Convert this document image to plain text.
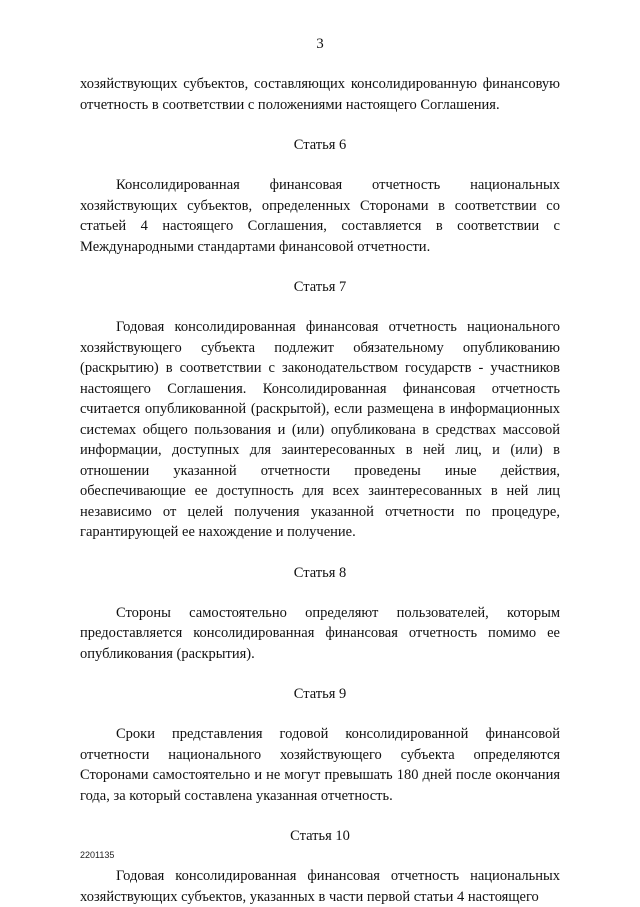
3

хозяйствующих субъектов, составляющих консолидированную финансовую отчетность в соответствии с положениями настоящего Соглашения.

Статья 6

Консолидированная финансовая отчетность национальных хозяйствующих субъектов, определенных Сторонами в соответствии со статьей 4 настоящего Соглашения, составляется в соответствии с Международными стандартами финансовой отчетности.

Статья 7

Годовая консолидированная финансовая отчетность национального хозяйствующего субъекта подлежит обязательному опубликованию (раскрытию) в соответствии с законодательством государств - участников настоящего Соглашения. Консолидированная финансовая отчетность считается опубликованной (раскрытой), если размещена в информационных системах общего пользования и (или) опубликована в средствах массовой информации, доступных для заинтересованных в ней лиц, и (или) в отношении указанной отчетности проведены иные действия, обеспечивающие ее доступность для всех заинтересованных в ней лиц независимо от целей получения указанной отчетности по процедуре, гарантирующей ее нахождение и получение.

Статья 8

Стороны самостоятельно определяют пользователей, которым предоставляется консолидированная финансовая отчетность помимо ее опубликования (раскрытия).

Статья 9

Сроки представления годовой консолидированной финансовой отчетности национального хозяйствующего субъекта определяются Сторонами самостоятельно и не могут превышать 180 дней после окончания года, за который составлена указанная отчетность.

Статья 10

Годовая консолидированная финансовая отчетность национальных хозяйствующих субъектов, указанных в части первой статьи 4 настоящего

2201135
